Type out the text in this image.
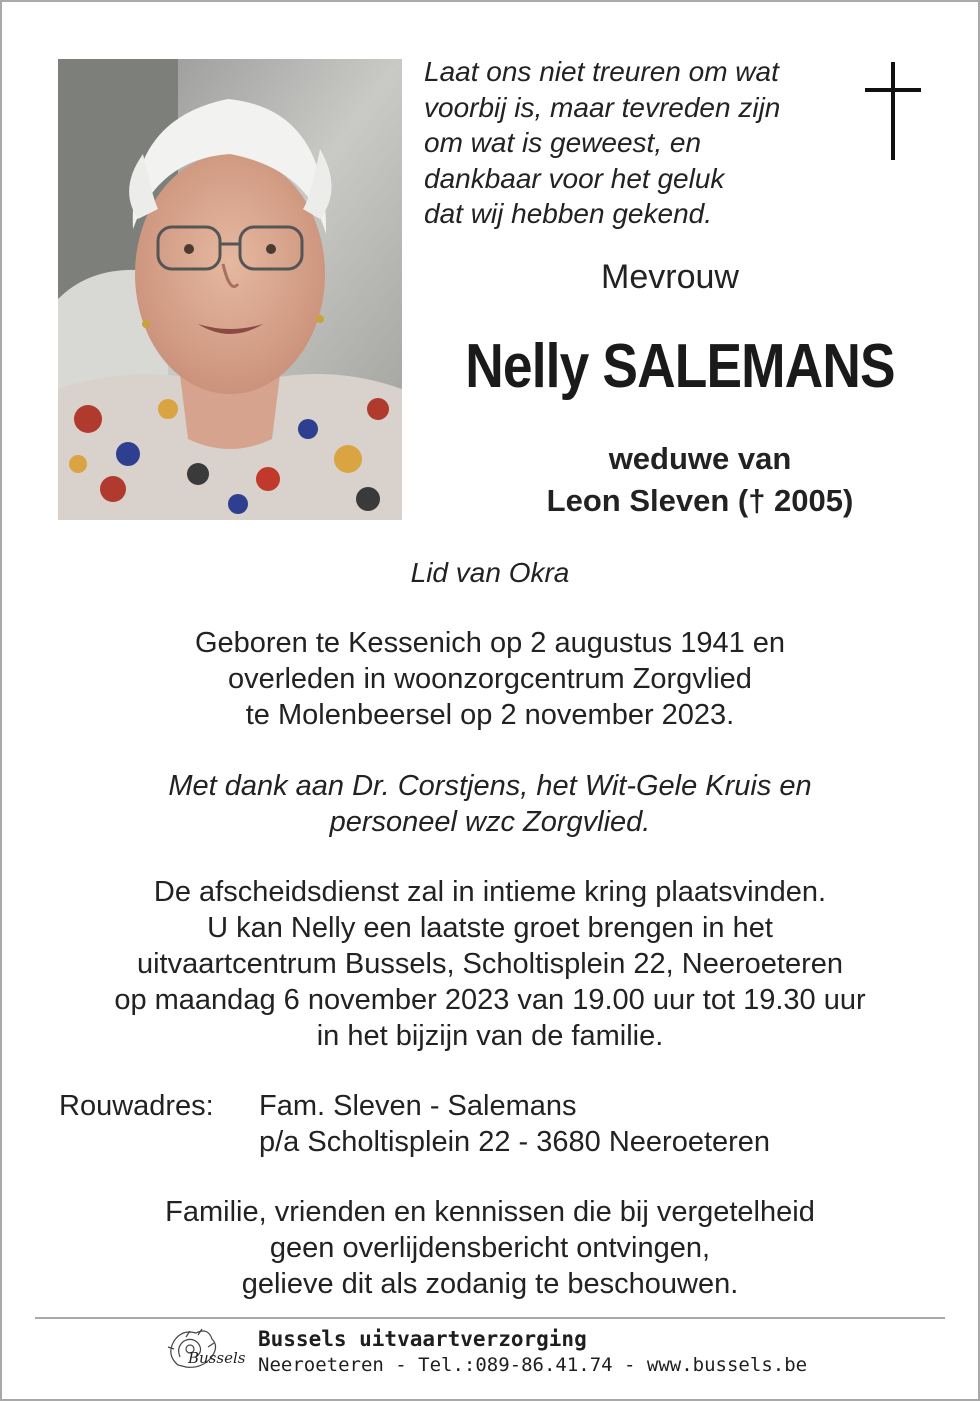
Laat ons niet treuren om wat
voorbij is, maar tevreden zijn
om wat is geweest, en
dankbaar voor het geluk
dat wij hebben gekend.
Mevrouw
Nelly SALEMANS
weduwe van
Leon Sleven († 2005)
Lid van Okra
Geboren te Kessenich op 2 augustus 1941 en
overleden in woonzorgcentrum Zorgvlied
te Molenbeersel op 2 november 2023.
Met dank aan Dr. Corstjens, het Wit-Gele Kruis en
personeel wzc Zorgvlied.
De afscheidsdienst zal in intieme kring plaatsvinden.
U kan Nelly een laatste groet brengen in het
uitvaartcentrum Bussels, Scholtisplein 22, Neeroeteren
op maandag 6 november 2023 van 19.00 uur tot 19.30 uur
in het bijzijn van de familie.
Rouwadres: Fam. Sleven - Salemans
p/a Scholtisplein 22 - 3680 Neeroeteren
Familie, vrienden en kennissen die bij vergetelheid
geen overlijdensbericht ontvingen,
gelieve dit als zodanig te beschouwen.
Bussels
Bussels uitvaartverzorging
Neeroeteren - Tel.:089-86.41.74 - www.bussels.be
